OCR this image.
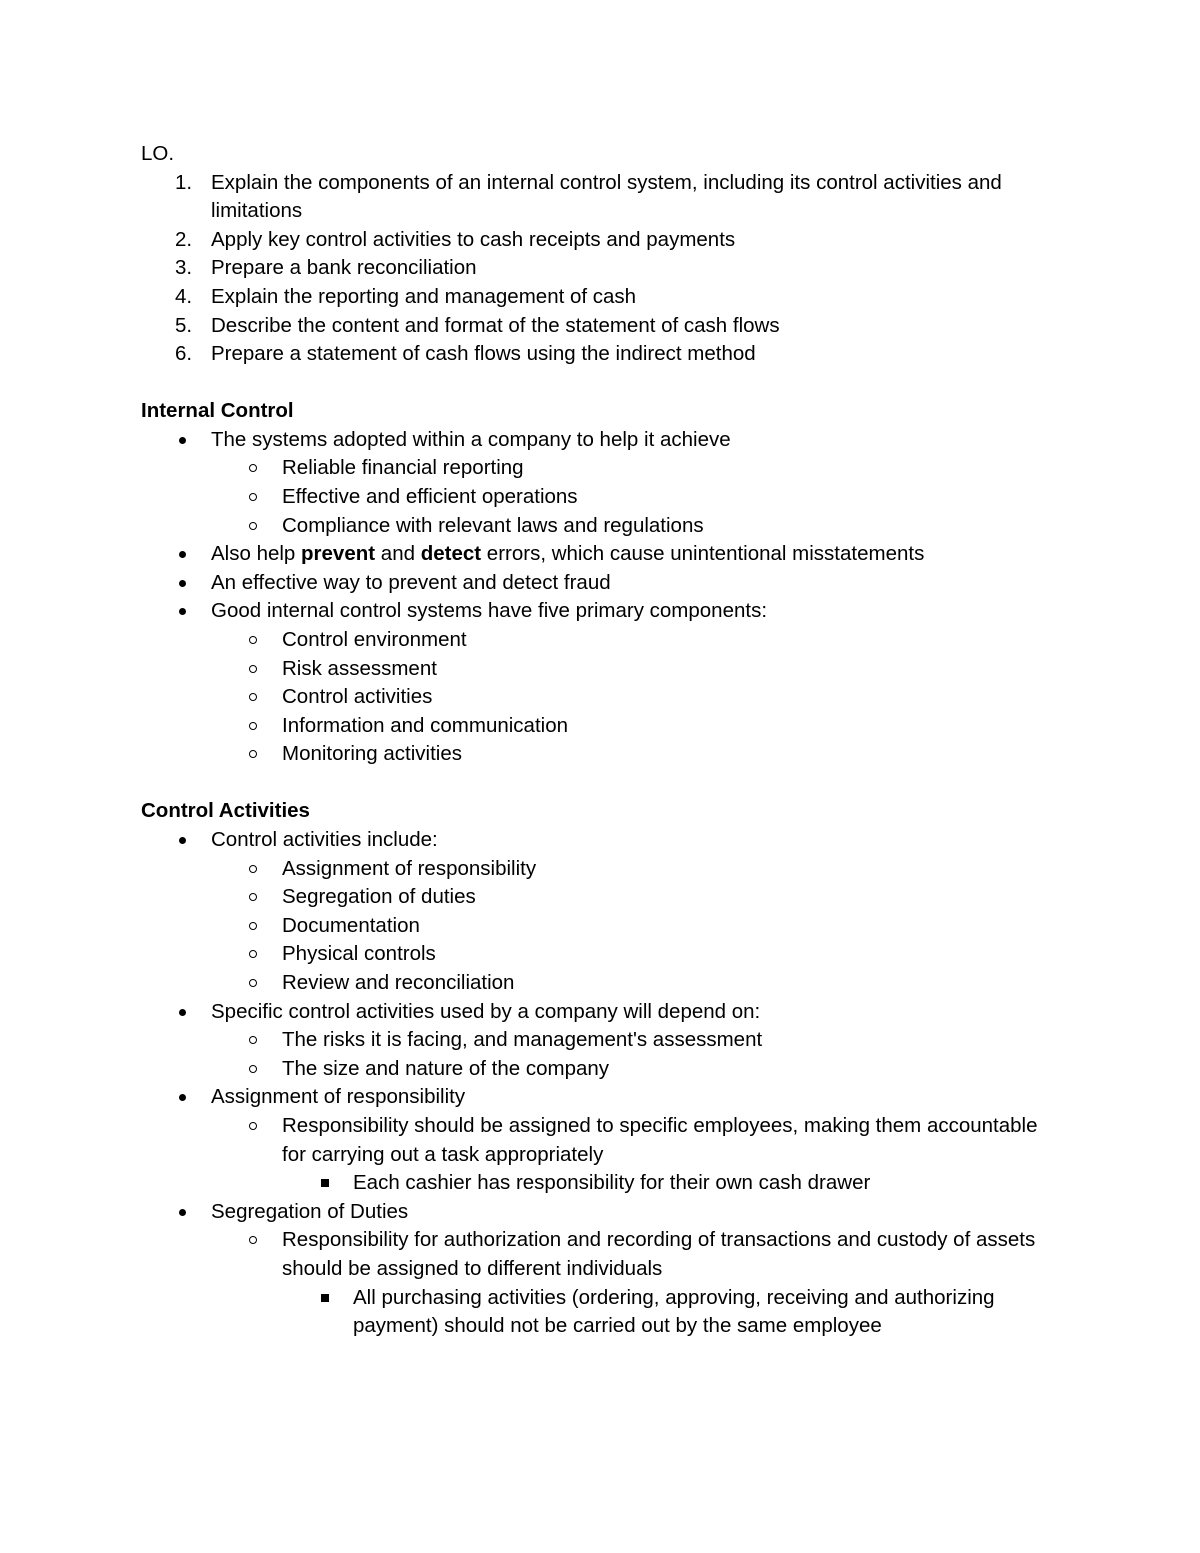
LO.
1. Explain the components of an internal control system, including its control activities and limitations
2. Apply key control activities to cash receipts and payments
3. Prepare a bank reconciliation
4. Explain the reporting and management of cash
5. Describe the content and format of the statement of cash flows
6. Prepare a statement of cash flows using the indirect method
Internal Control
The systems adopted within a company to help it achieve
Reliable financial reporting
Effective and efficient operations
Compliance with relevant laws and regulations
Also help prevent and detect errors, which cause unintentional misstatements
An effective way to prevent and detect fraud
Good internal control systems have five primary components:
Control environment
Risk assessment
Control activities
Information and communication
Monitoring activities
Control Activities
Control activities include:
Assignment of responsibility
Segregation of duties
Documentation
Physical controls
Review and reconciliation
Specific control activities used by a company will depend on:
The risks it is facing, and management's assessment
The size and nature of the company
Assignment of responsibility
Responsibility should be assigned to specific employees, making them accountable for carrying out a task appropriately
Each cashier has responsibility for their own cash drawer
Segregation of Duties
Responsibility for authorization and recording of transactions and custody of assets should be assigned to different individuals
All purchasing activities (ordering, approving, receiving and authorizing payment) should not be carried out by the same employee
